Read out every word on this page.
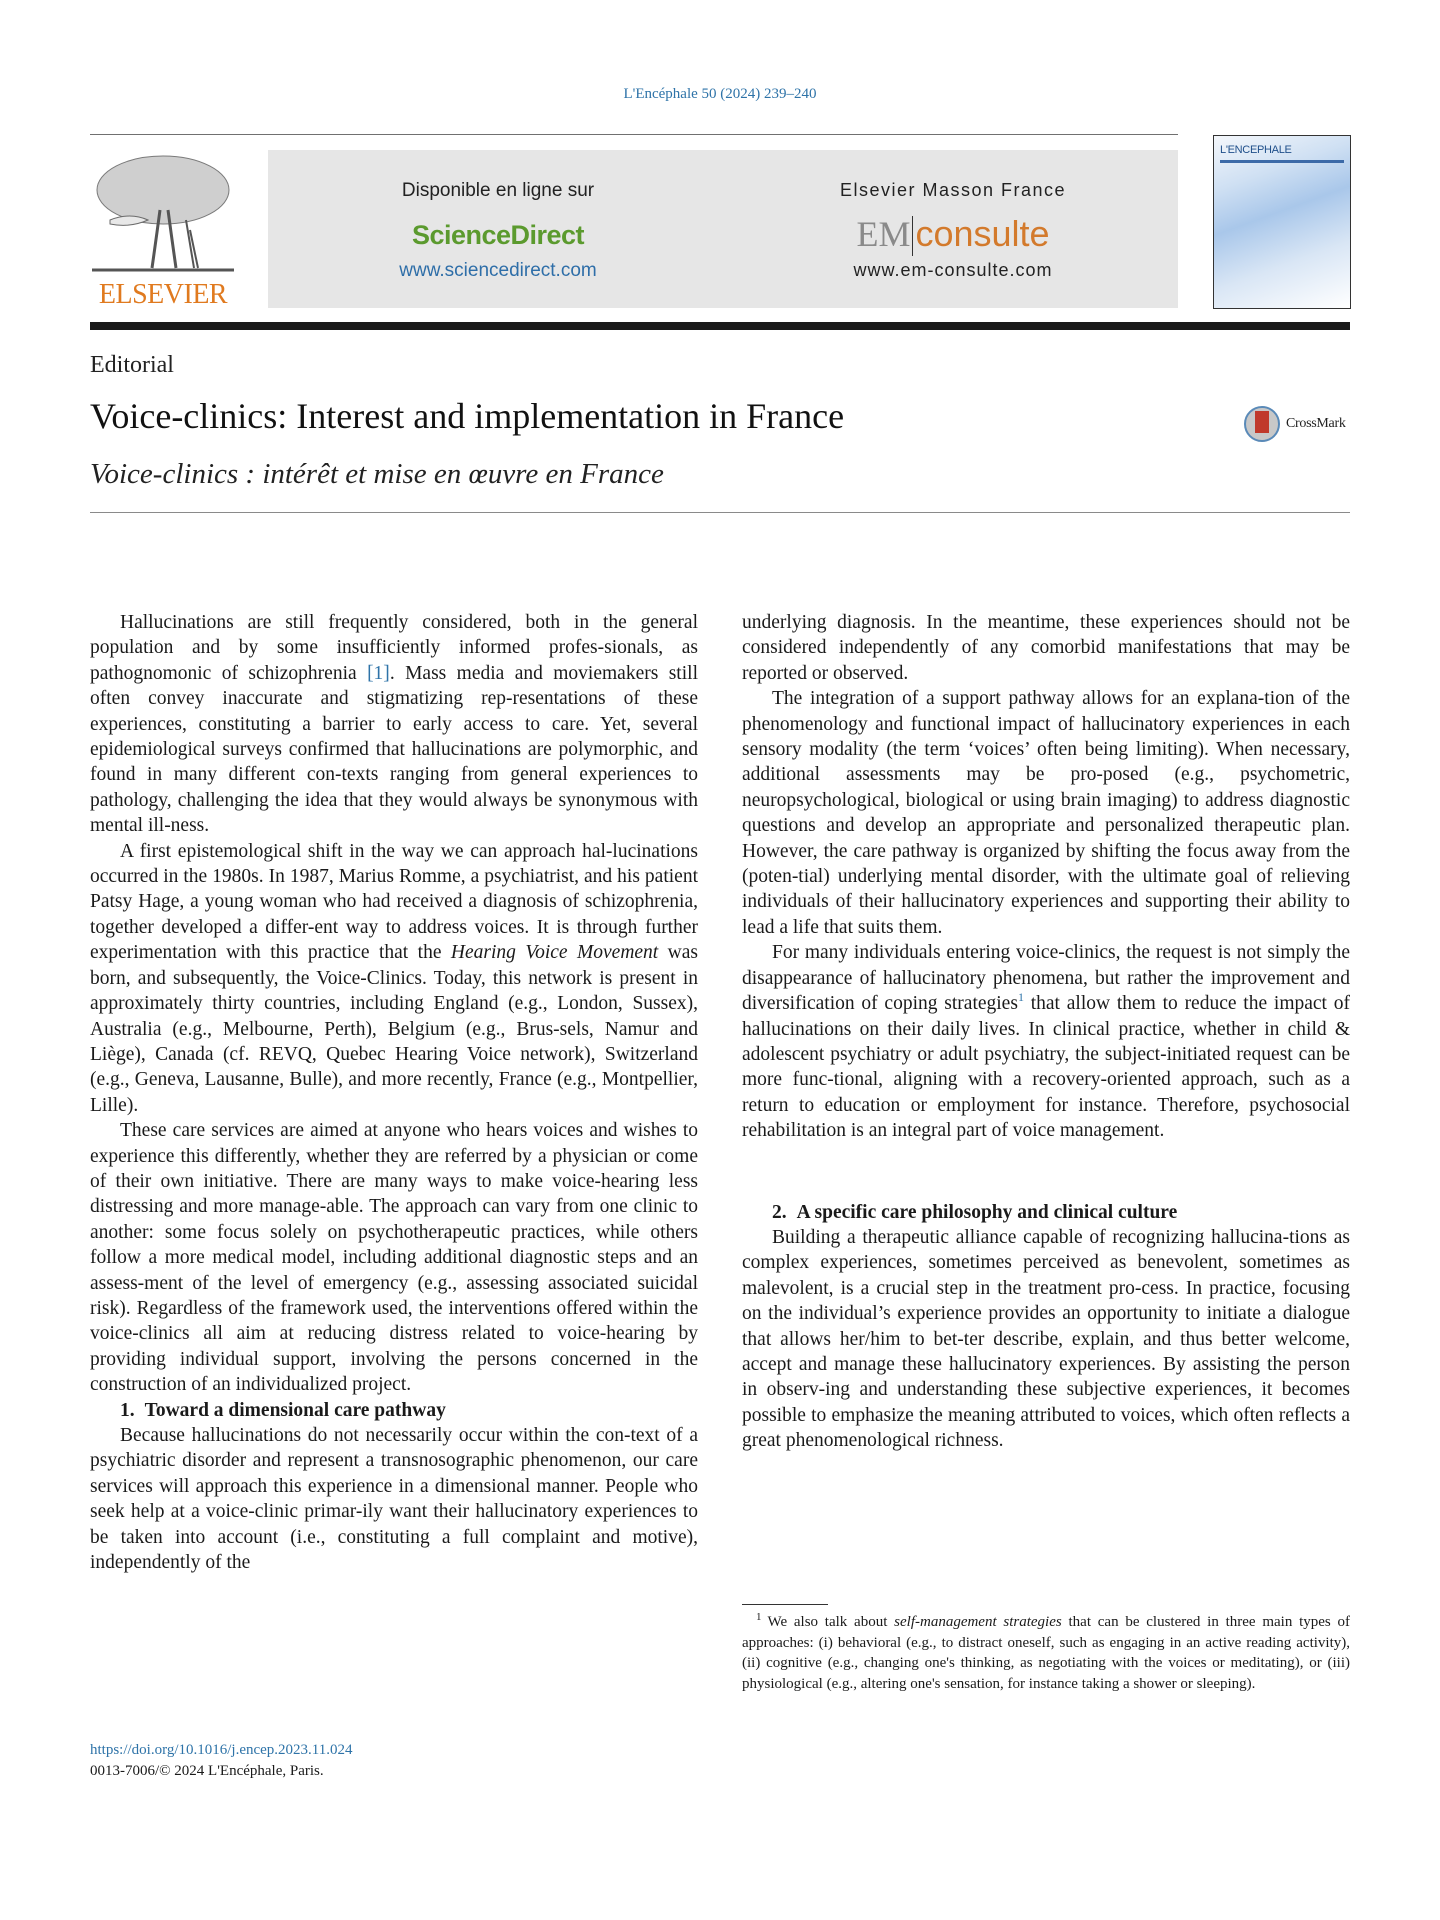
L'Encéphale 50 (2024) 239–240
ELSEVIER
Disponible en ligne sur
ScienceDirect
www.sciencedirect.com
Elsevier Masson France
EM consulte
www.em-consulte.com
L'ENCEPHALE
Editorial
Voice-clinics: Interest and implementation in France	CrossMark
Voice-clinics : intérêt et mise en œuvre en France

Hallucinations are still frequently considered, both in the general population and by some insufficiently informed profes-sionals, as pathognomonic of schizophrenia [1]. Mass media and moviemakers still often convey inaccurate and stigmatizing rep-resentations of these experiences, constituting a barrier to early access to care. Yet, several epidemiological surveys confirmed that hallucinations are polymorphic, and found in many different con-texts ranging from general experiences to pathology, challenging the idea that they would always be synonymous with mental ill-ness.

A first epistemological shift in the way we can approach hal-lucinations occurred in the 1980s. In 1987, Marius Romme, a psychiatrist, and his patient Patsy Hage, a young woman who had received a diagnosis of schizophrenia, together developed a differ-ent way to address voices. It is through further experimentation with this practice that the Hearing Voice Movement was born, and subsequently, the Voice-Clinics. Today, this network is present in approximately thirty countries, including England (e.g., London, Sussex), Australia (e.g., Melbourne, Perth), Belgium (e.g., Brus-sels, Namur and Liège), Canada (cf. REVQ, Quebec Hearing Voice network), Switzerland (e.g., Geneva, Lausanne, Bulle), and more recently, France (e.g., Montpellier, Lille).

These care services are aimed at anyone who hears voices and wishes to experience this differently, whether they are referred by a physician or come of their own initiative. There are many ways to make voice-hearing less distressing and more manage-able. The approach can vary from one clinic to another: some focus solely on psychotherapeutic practices, while others follow a more medical model, including additional diagnostic steps and an assess-ment of the level of emergency (e.g., assessing associated suicidal risk). Regardless of the framework used, the interventions offered within the voice-clinics all aim at reducing distress related to voice-hearing by providing individual support, involving the persons concerned in the construction of an individualized project.

1. Toward a dimensional care pathway

Because hallucinations do not necessarily occur within the con-text of a psychiatric disorder and represent a transnosographic phenomenon, our care services will approach this experience in a dimensional manner. People who seek help at a voice-clinic primar-ily want their hallucinatory experiences to be taken into account (i.e., constituting a full complaint and motive), independently of the

underlying diagnosis. In the meantime, these experiences should not be considered independently of any comorbid manifestations that may be reported or observed.

The integration of a support pathway allows for an explana-tion of the phenomenology and functional impact of hallucinatory experiences in each sensory modality (the term ‘voices’ often being limiting). When necessary, additional assessments may be pro-posed (e.g., psychometric, neuropsychological, biological or using brain imaging) to address diagnostic questions and develop an appropriate and personalized therapeutic plan. However, the care pathway is organized by shifting the focus away from the (poten-tial) underlying mental disorder, with the ultimate goal of relieving individuals of their hallucinatory experiences and supporting their ability to lead a life that suits them.

For many individuals entering voice-clinics, the request is not simply the disappearance of hallucinatory phenomena, but rather the improvement and diversification of coping strategies$^1$ that allow them to reduce the impact of hallucinations on their daily lives. In clinical practice, whether in child & adolescent psychiatry or adult psychiatry, the subject-initiated request can be more func-tional, aligning with a recovery-oriented approach, such as a return to education or employment for instance. Therefore, psychosocial rehabilitation is an integral part of voice management.

2. A specific care philosophy and clinical culture

Building a therapeutic alliance capable of recognizing hallucina-tions as complex experiences, sometimes perceived as benevolent, sometimes as malevolent, is a crucial step in the treatment pro-cess. In practice, focusing on the individual’s experience provides an opportunity to initiate a dialogue that allows her/him to bet-ter describe, explain, and thus better welcome, accept and manage these hallucinatory experiences. By assisting the person in observ-ing and understanding these subjective experiences, it becomes possible to emphasize the meaning attributed to voices, which often reflects a great phenomenological richness.

$^1$ We also talk about self-management strategies that can be clustered in three main types of approaches: (i) behavioral (e.g., to distract oneself, such as engaging in an active reading activity), (ii) cognitive (e.g., changing one's thinking, as negotiating with the voices or meditating), or (iii) physiological (e.g., altering one's sensation, for instance taking a shower or sleeping).
https://doi.org/10.1016/j.encep.2023.11.024
0013-7006/© 2024 L'Encéphale, Paris.
